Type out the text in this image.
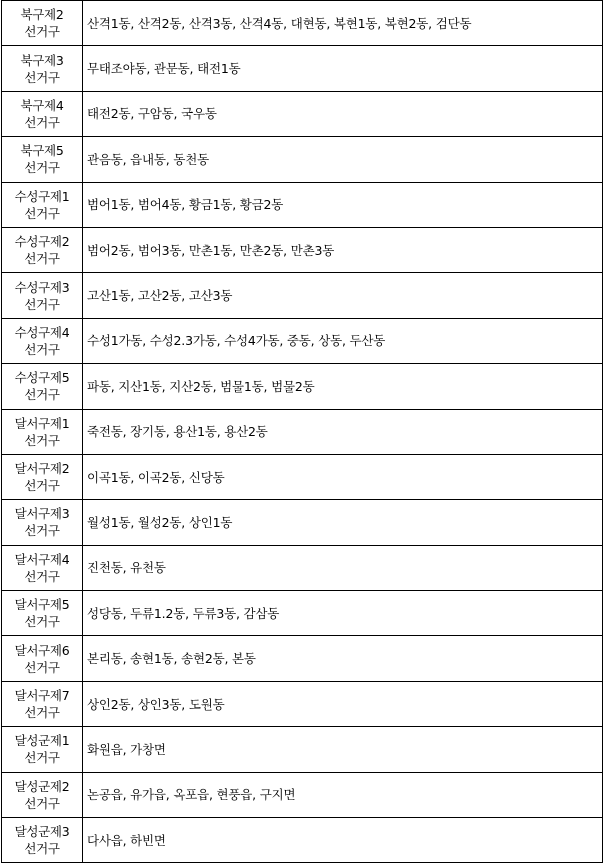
북구제2
선거구	산격1동, 산격2동, 산격3동, 산격4동, 대현동, 복현1동, 복현2동, 검단동

북구제3
선거구	무태조야동, 관문동, 태전1동

북구제4
선거구	태전2동, 구암동, 국우동

북구제5
선거구	관음동, 읍내동, 동천동

수성구제1
선거구	범어1동, 범어4동, 황금1동, 황금2동

수성구제2
선거구	범어2동, 범어3동, 만촌1동, 만촌2동, 만촌3동

수성구제3
선거구	고산1동, 고산2동, 고산3동

수성구제4
선거구	수성1가동, 수성2.3가동, 수성4가동, 중동, 상동, 두산동

수성구제5
선거구	파동, 지산1동, 지산2동, 범물1동, 범물2동

달서구제1
선거구	죽전동, 장기동, 용산1동, 용산2동

달서구제2
선거구	이곡1동, 이곡2동, 신당동

달서구제3
선거구	월성1동, 월성2동, 상인1동

달서구제4
선거구	진천동, 유천동

달서구제5
선거구	성당동, 두류1.2동, 두류3동, 감삼동

달서구제6
선거구	본리동, 송현1동, 송현2동, 본동

달서구제7
선거구	상인2동, 상인3동, 도원동

달성군제1
선거구	화원읍, 가창면

달성군제2
선거구	논공읍, 유가읍, 옥포읍, 현풍읍, 구지면

달성군제3
선거구	다사읍, 하빈면
